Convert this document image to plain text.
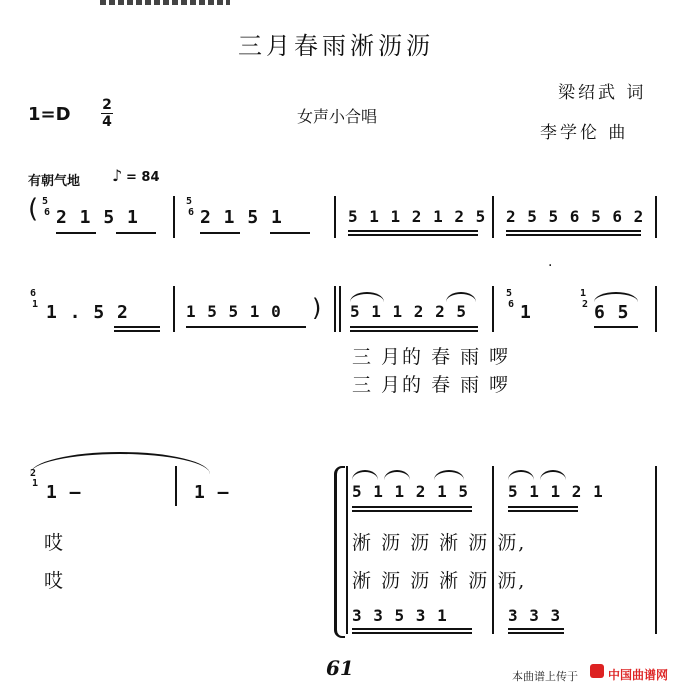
三月春雨淅沥沥
1=D 2
4	女声小合唱
梁绍武 词
李学伦 曲
有朝气地 ♪ = 84
( 5
6 2 1 5 1
5
6 2 1 5 1	5 1 1 2 1 2 5 2 5 5 6 5 6 2
6
1 1 . 5 2	1 5 5 1 0 ) 5 1 1 2 2 5
5
6 1
1
2 6 5
三 月的 春 雨 啰
三 月的 春 雨 啰
·
2
1 1 –	1 –
哎
哎
5 1 1 2 1 5 5 1 1 2 1
淅 沥 沥 淅 沥 沥,
淅 沥 沥 淅 沥 沥,
3 3 5 3 1	3 3 3
61	本曲谱上传于	中国曲谱网
